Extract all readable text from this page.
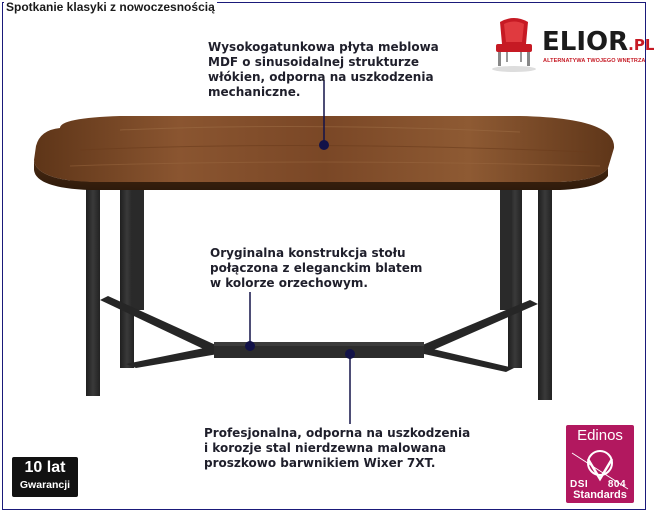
Spotkanie klasyki z nowoczesnością
ELIOR.PL
ALTERNATYWA TWOJEGO WNĘTRZA
Wysokogatunkowa płyta meblowa
MDF o sinusoidalnej strukturze
włókien, odporna na uszkodzenia
mechaniczne.
Oryginalna konstrukcja stołu
połączona z eleganckim blatem
w kolorze orzechowym.
Profesjonalna, odporna na uszkodzenia
i korozje stal nierdzewna malowana
proszkowo barwnikiem Wixer 7XT.
10 lat
Gwarancji
Edinos
DSI 804
Standards
